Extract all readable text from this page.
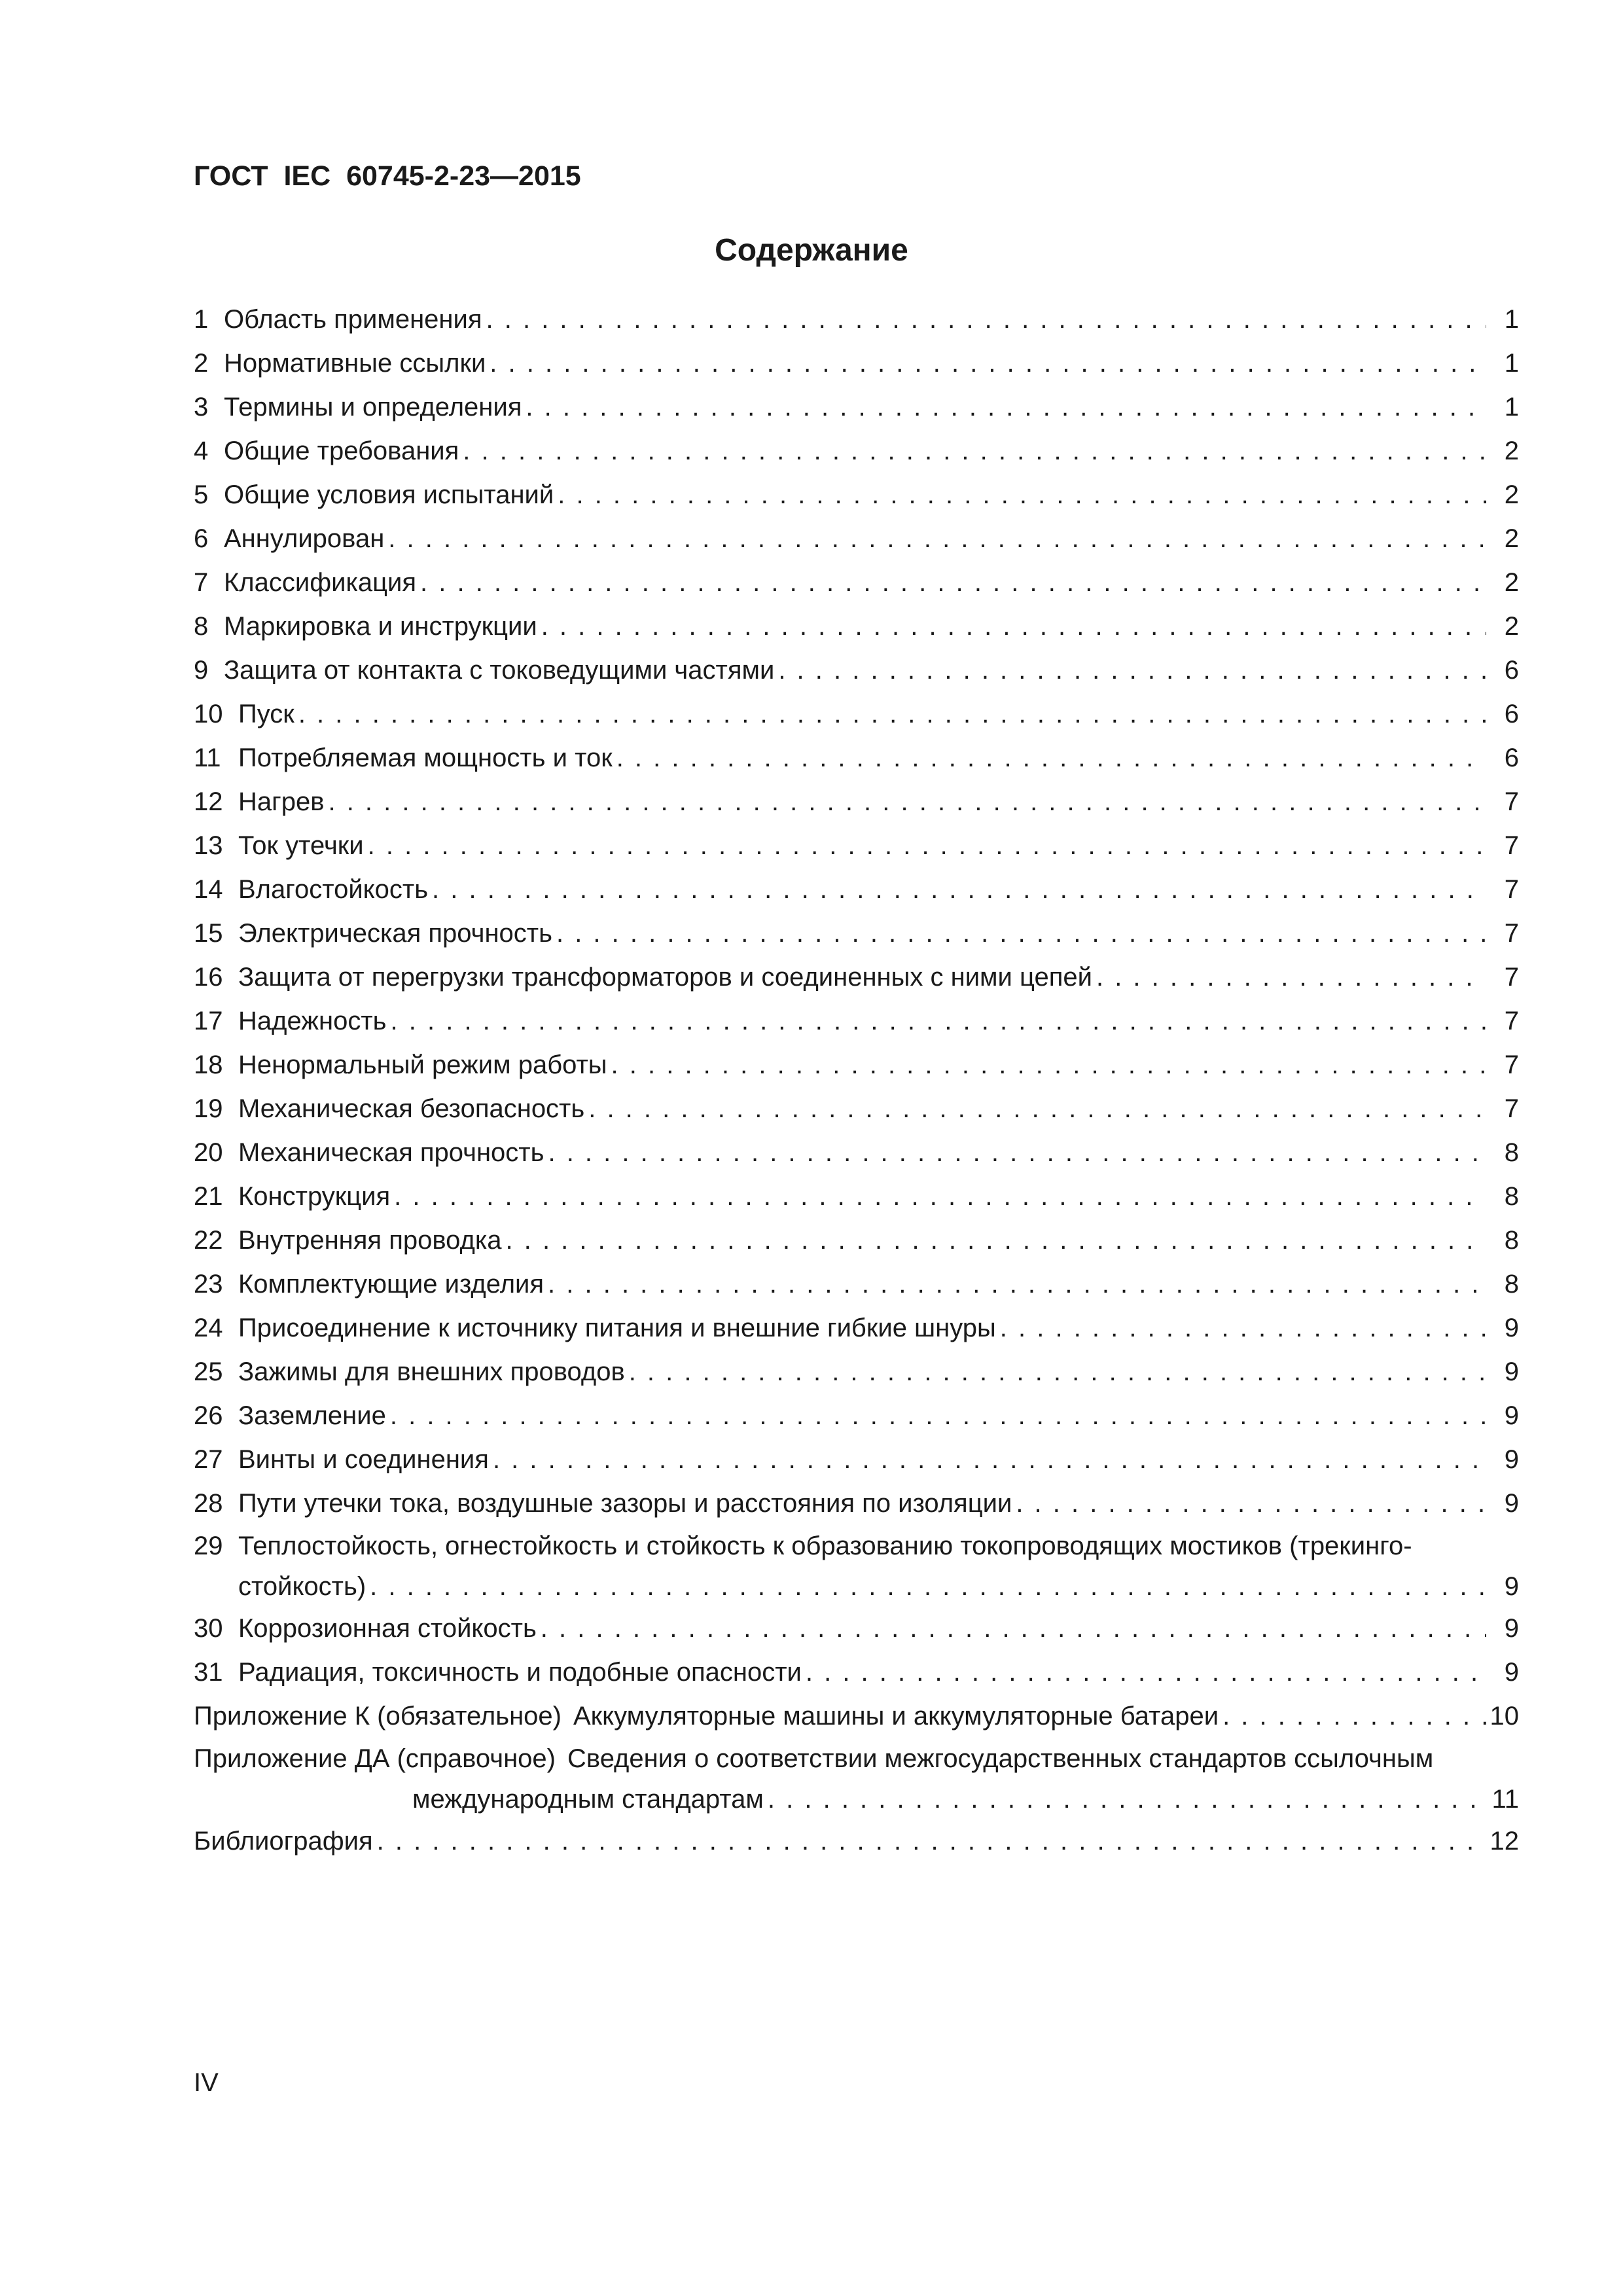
ГОСТ IEC 60745-2-23—2015
Содержание
1 Область применения . . .	1
2 Нормативные ссылки . . .	1
3 Термины и определения . . .	1
4 Общие требования . . .	2
5 Общие условия испытаний . . .	2
6 Аннулирован . . .	2
7 Классификация . . .	2
8 Маркировка и инструкции . . .	2
9 Защита от контакта с токоведущими частями . . .	6
10 Пуск . . .	6
11 Потребляемая мощность и ток . . .	6
12 Нагрев . . .	7
13 Ток утечки . . .	7
14 Влагостойкость . . .	7
15 Электрическая прочность . . .	7
16 Защита от перегрузки трансформаторов и соединенных с ними цепей . . .	7
17 Надежность . . .	7
18 Ненормальный режим работы . . .	7
19 Механическая безопасность . . .	7
20 Механическая прочность . . .	8
21 Конструкция . . .	8
22 Внутренняя проводка . . .	8
23 Комплектующие изделия . . .	8
24 Присоединение к источнику питания и внешние гибкие шнуры . . .	9
25 Зажимы для внешних проводов . . .	9
26 Заземление . . .	9
27 Винты и соединения . . .	9
28 Пути утечки тока, воздушные зазоры и расстояния по изоляции . . .	9
29 Теплостойкость, огнестойкость и стойкость к образованию токопроводящих мостиков (трекинго-
стойкость) . . .	9
30 Коррозионная стойкость . . .	9
31 Радиация, токсичность и подобные опасности . . .	9
Приложение К (обязательное) Аккумуляторные машины и аккумуляторные батареи . . .	10
Приложение ДА (справочное) Сведения о соответствии межгосударственных стандартов ссылочным
международным стандартам . . .	11
Библиография . . .	12
IV
